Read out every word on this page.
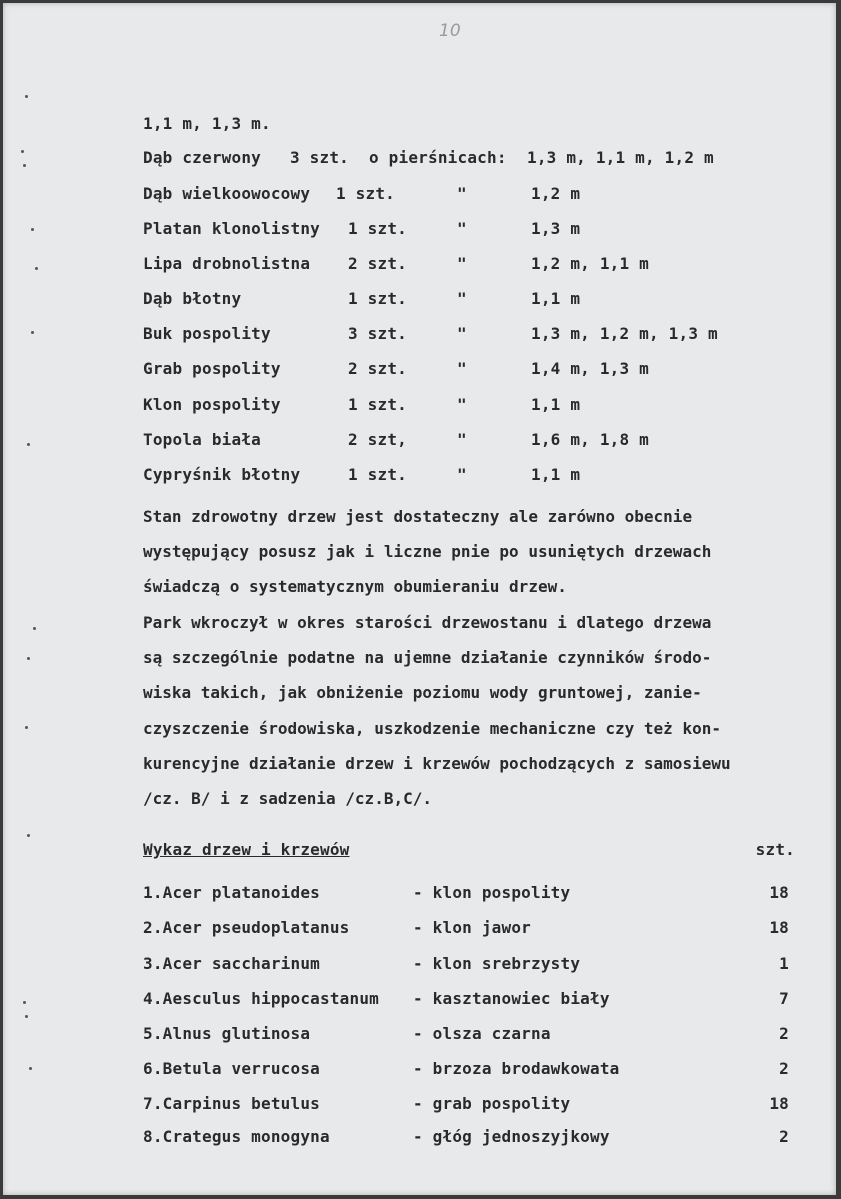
10
1,1 m, 1,3 m.
Dąb czerwony 3 szt. o pierśnicach: 1,3 m, 1,1 m, 1,2 m
Dąb wielkoowocowy 1 szt.	"	1,2 m
Platan klonolistny 1 szt.	"	1,3 m
Lipa drobnolistna 2 szt.	"	1,2 m, 1,1 m
Dąb błotny	1 szt.	"	1,1 m
Buk pospolity	3 szt.	"	1,3 m, 1,2 m, 1,3 m
Grab pospolity	2 szt.	"	1,4 m, 1,3 m
Klon pospolity	1 szt.	"	1,1 m
Topola biała	2 szt,	"	1,6 m, 1,8 m
Cypryśnik błotny	1 szt.	"	1,1 m
Stan zdrowotny drzew jest dostateczny ale zarówno obecnie
występujący posusz jak i liczne pnie po usuniętych drzewach
świadczą o systematycznym obumieraniu drzew.
Park wkroczył w okres starości drzewostanu i dlatego drzewa
są szczególnie podatne na ujemne działanie czynników środo-
wiska takich, jak obniżenie poziomu wody gruntowej, zanie-
czyszczenie środowiska, uszkodzenie mechaniczne czy też kon-
kurencyjne działanie drzew i krzewów pochodzących z samosiewu
/cz. B/ i z sadzenia /cz.B,C/.
Wykaz drzew i krzewów	szt.
1.Acer platanoides	- klon pospolity	18
2.Acer pseudoplatanus	- klon jawor	18
3.Acer saccharinum	- klon srebrzysty	1
4.Aesculus hippocastanum - kasztanowiec biały	7
5.Alnus glutinosa	- olsza czarna	2
6.Betula verrucosa	- brzoza brodawkowata	2
7.Carpinus betulus	- grab pospolity	18
8.Crategus monogyna	- głóg jednoszyjkowy	2
